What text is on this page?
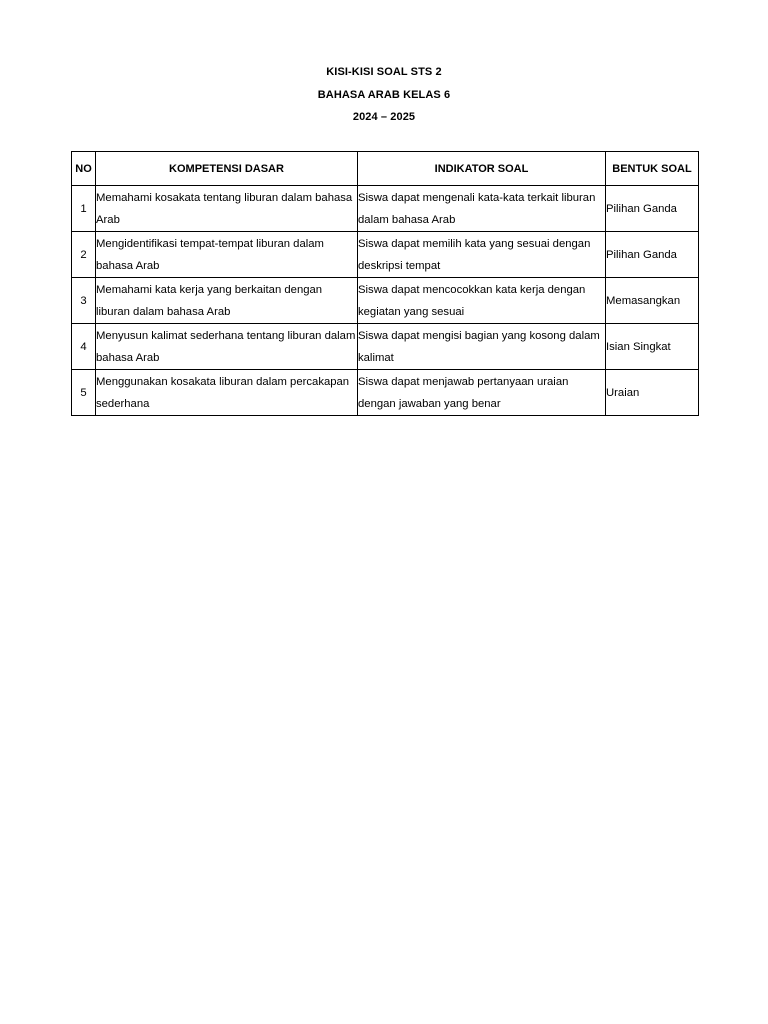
KISI-KISI SOAL STS 2
BAHASA ARAB KELAS 6
2024 – 2025
NO	KOMPETENSI DASAR	INDIKATOR SOAL	BENTUK SOAL
1	Memahami kosakata tentang liburan dalam bahasa Arab	Siswa dapat mengenali kata-kata terkait liburan dalam bahasa Arab	Pilihan Ganda
2	Mengidentifikasi tempat-tempat liburan dalam bahasa Arab	Siswa dapat memilih kata yang sesuai dengan deskripsi tempat	Pilihan Ganda
3	Memahami kata kerja yang berkaitan dengan liburan dalam bahasa Arab	Siswa dapat mencocokkan kata kerja dengan kegiatan yang sesuai	Memasangkan
4	Menyusun kalimat sederhana tentang liburan dalam bahasa Arab	Siswa dapat mengisi bagian yang kosong dalam kalimat	Isian Singkat
5	Menggunakan kosakata liburan dalam percakapan sederhana	Siswa dapat menjawab pertanyaan uraian dengan jawaban yang benar	Uraian
